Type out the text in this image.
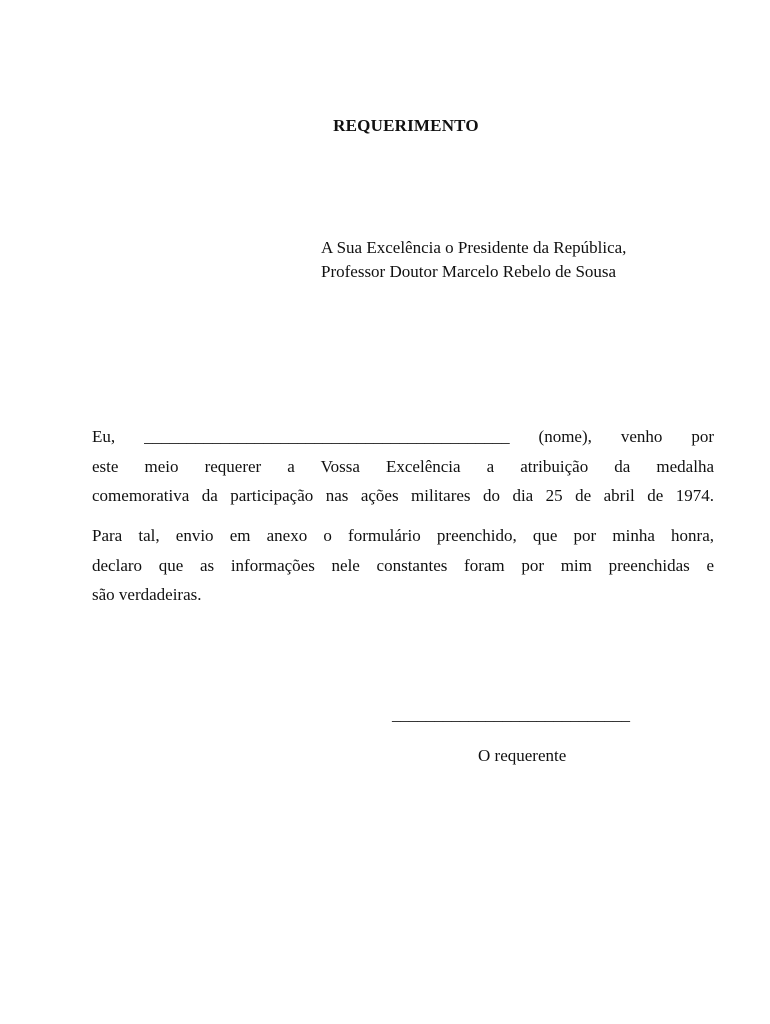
REQUERIMENTO
A Sua Excelência o Presidente da República,
Professor Doutor Marcelo Rebelo de Sousa
Eu, ___________________________________________ (nome), venho por
este meio requerer a Vossa Excelência a atribuição da medalha
comemorativa da participação nas ações militares do dia 25 de abril de 1974.
Para tal, envio em anexo o formulário preenchido, que por minha honra,
declaro que as informações nele constantes foram por mim preenchidas e
são verdadeiras.
____________________________
O requerente
